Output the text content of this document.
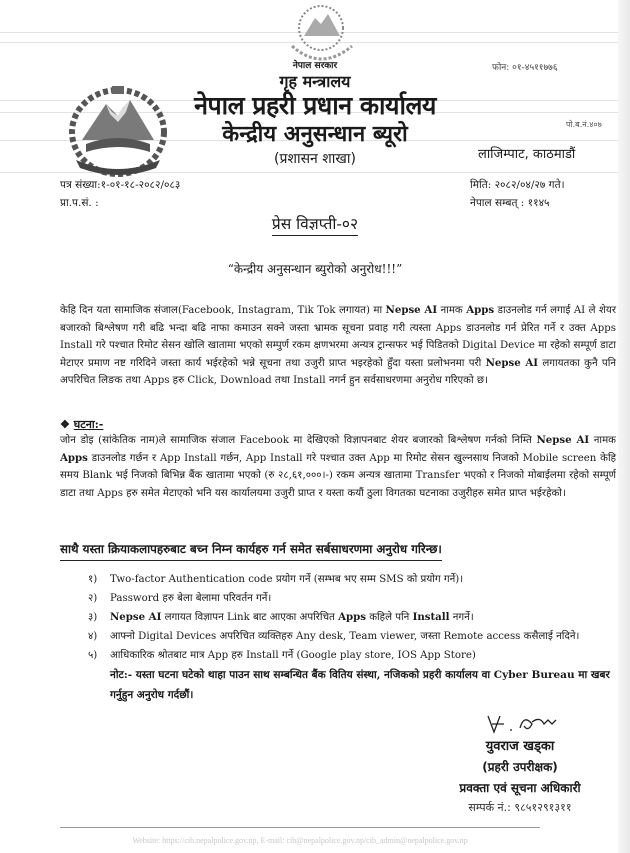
नेपाल सरकार
गृह मन्त्रालय
नेपाल प्रहरी प्रधान कार्यालय
केन्द्रीय अनुसन्धान ब्यूरो
(प्रशासन शाखा)
फोन: ०१-४५११७७६
पो.ब.नं.४०७
लाजिम्पाट, काठमाडौं
पत्र संख्या:१-०१-१८-२०८२/०८३
प्रा.प.सं. :
मिति: २०८२/०४/२७ गते।
नेपाल सम्बत् : ११४५
प्रेस विज्ञप्ती-०२
“केन्द्रीय अनुसन्धान ब्युरोको अनुरोध!!!”
केहि दिन यता सामाजिक संजाल(Facebook, Instagram, Tik Tok लगायत) मा Nepse AI नामक Apps डाउनलोड गर्न लगाई AI ले शेयर बजारको बिश्लेषण गरी बढि भन्दा बढि नाफा कमाउन सक्ने जस्ता भ्रामक सूचना प्रवाह गरी त्यस्ता Apps डाउनलोड गर्न प्रेरित गर्ने र उक्त Apps Install गरे पश्चात रिमोट सेसन खोलि खातामा भएको सम्पुर्ण रकम क्षणभरमा अन्यत्र ट्रान्सफर भई पिडितको Digital Device मा रहेको सम्पूर्ण डाटा मेटाएर प्रमाण नष्ट गरिदिने जस्ता कार्य भईरहेको भन्ने सूचना तथा उजुरी प्राप्त भइरहेको हुँदा यस्ता प्रलोभनमा परी Nepse AI लगायतका कुनै पनि अपरिचित लिङक तथा Apps हरु Click, Download तथा Install नगर्न हुन सर्वसाधरणमा अनुरोध गरिएको छ।
❖ घटना:-
जोन डोइ (सांकेतिक नाम)ले सामाजिक संजाल Facebook मा देखिएको विज्ञापनबाट शेयर बजारको बिश्लेषण गर्नको निम्ति Nepse AI नामक Apps डाउनलोड गर्छन र App Install गर्छन, App Install गरे पश्चात उक्त App मा रिमोट सेसन खुल्नसाथ निजको Mobile screen केहि समय Blank भई निजको बिभिन्न बैंक खातामा भएको (रु २८,६१,०००।-) रकम अन्यत्र खातामा Transfer भएको र निजको मोबाईलमा रहेको सम्पूर्ण डाटा तथा Apps हरु समेत मेटाएको भनि यस कार्यालयमा उजुरी प्राप्त र यस्ता कयौं ठुला विगतका घटनाका उजुरीहरु समेत प्राप्त भईरहेको।
साथै यस्ता क्रियाकलापहरुबाट बच्न निम्न कार्यहरु गर्न समेत सर्बसाधरणमा अनुरोध गरिन्छ।
१) Two-factor Authentication code प्रयोग गर्ने (सम्भब भए सम्म SMS को प्रयोग गर्ने)।
२) Password हरु बेला बेलामा परिवर्तन गर्ने।
३) Nepse AI लगायत विज्ञापन Link बाट आएका अपरिचित Apps कहिले पनि Install नगर्ने।
४) आफ्नो Digital Devices अपरिचित व्यक्तिहरु Any desk, Team viewer, जस्ता Remote access कसैलाई नदिने।
५) आधिकारिक श्रोतबाट मात्र App हरु Install गर्ने (Google play store, IOS App Store)
नोट:- यस्ता घटना घटेको थाहा पाउन साथ सम्बन्धित बैंक वितिय संस्था, नजिकको प्रहरी कार्यालय वा Cyber Bureau मा खबर गर्नुहुन अनुरोध गर्दछौं।
युवराज खड्का
(प्रहरी उपरीक्षक)
प्रवक्ता एवं सूचना अधिकारी
सम्पर्क नं.: ९८५१२९१३११
Website: https://cib.nepalpolice.gov.np, E-mail: cib@nepalpolice.gov.np/cib_admin@nepalpolice.gov.np
